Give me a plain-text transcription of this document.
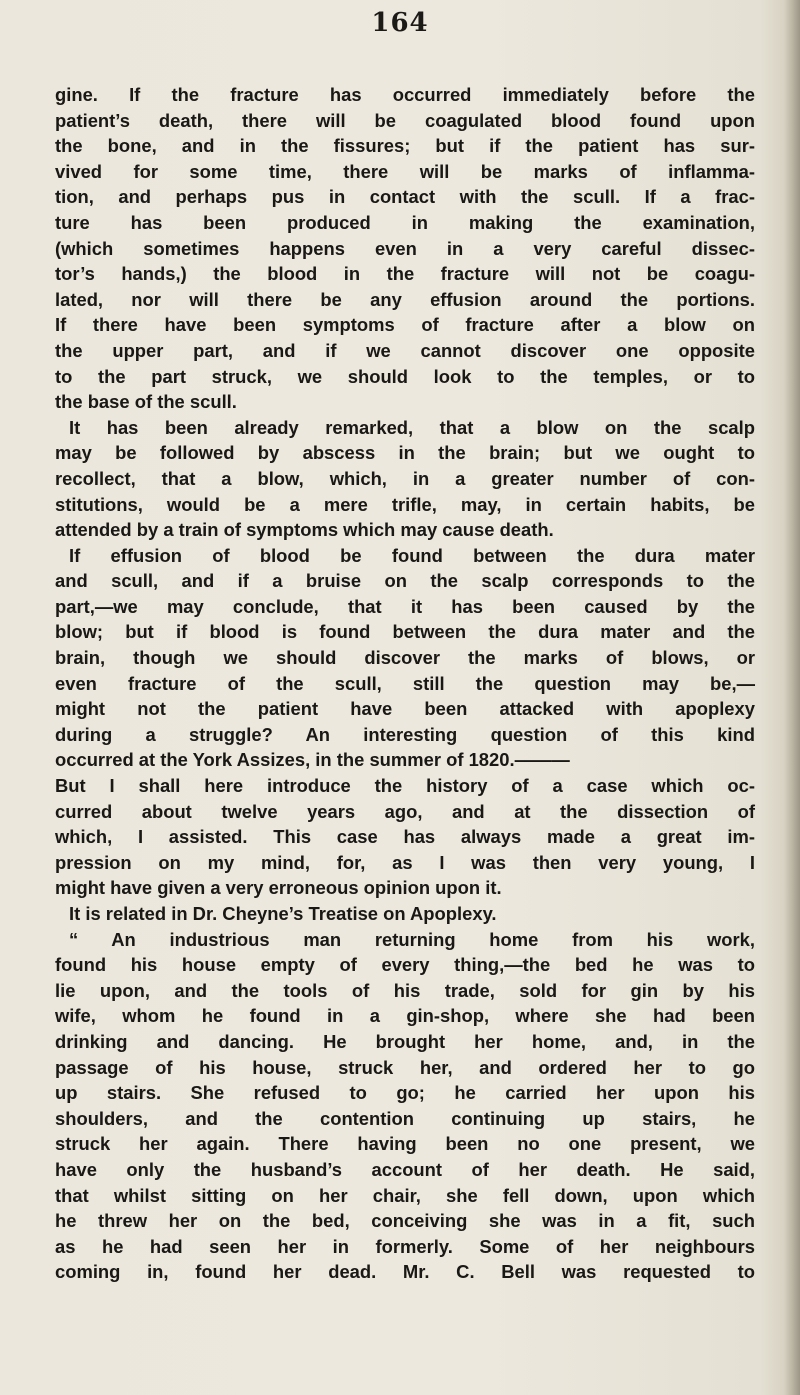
164
gine. If the fracture has occurred immediately before the
patient’s death, there will be coagulated blood found upon
the bone, and in the fissures; but if the patient has sur-
vived for some time, there will be marks of inflamma-
tion, and perhaps pus in contact with the scull. If a frac-
ture has been produced in making the examination,
(which sometimes happens even in a very careful dissec-
tor’s hands,) the blood in the fracture will not be coagu-
lated, nor will there be any effusion around the portions.
If there have been symptoms of fracture after a blow on
the upper part, and if we cannot discover one opposite
to the part struck, we should look to the temples, or to
the base of the scull.
It has been already remarked, that a blow on the scalp
may be followed by abscess in the brain; but we ought to
recollect, that a blow, which, in a greater number of con-
stitutions, would be a mere trifle, may, in certain habits, be
attended by a train of symptoms which may cause death.
If effusion of blood be found between the dura mater
and scull, and if a bruise on the scalp corresponds to the
part,—we may conclude, that it has been caused by the
blow; but if blood is found between the dura mater and the
brain, though we should discover the marks of blows, or
even fracture of the scull, still the question may be,—
might not the patient have been attacked with apoplexy
during a struggle? An interesting question of this kind
occurred at the York Assizes, in the summer of 1820.———
But I shall here introduce the history of a case which oc-
curred about twelve years ago, and at the dissection of
which, I assisted. This case has always made a great im-
pression on my mind, for, as I was then very young, I
might have given a very erroneous opinion upon it.
It is related in Dr. Cheyne’s Treatise on Apoplexy.
“ An industrious man returning home from his work,
found his house empty of every thing,—the bed he was to
lie upon, and the tools of his trade, sold for gin by his
wife, whom he found in a gin-shop, where she had been
drinking and dancing. He brought her home, and, in the
passage of his house, struck her, and ordered her to go
up stairs. She refused to go; he carried her upon his
shoulders, and the contention continuing up stairs, he
struck her again. There having been no one present, we
have only the husband’s account of her death. He said,
that whilst sitting on her chair, she fell down, upon which
he threw her on the bed, conceiving she was in a fit, such
as he had seen her in formerly. Some of her neighbours
coming in, found her dead. Mr. C. Bell was requested to
